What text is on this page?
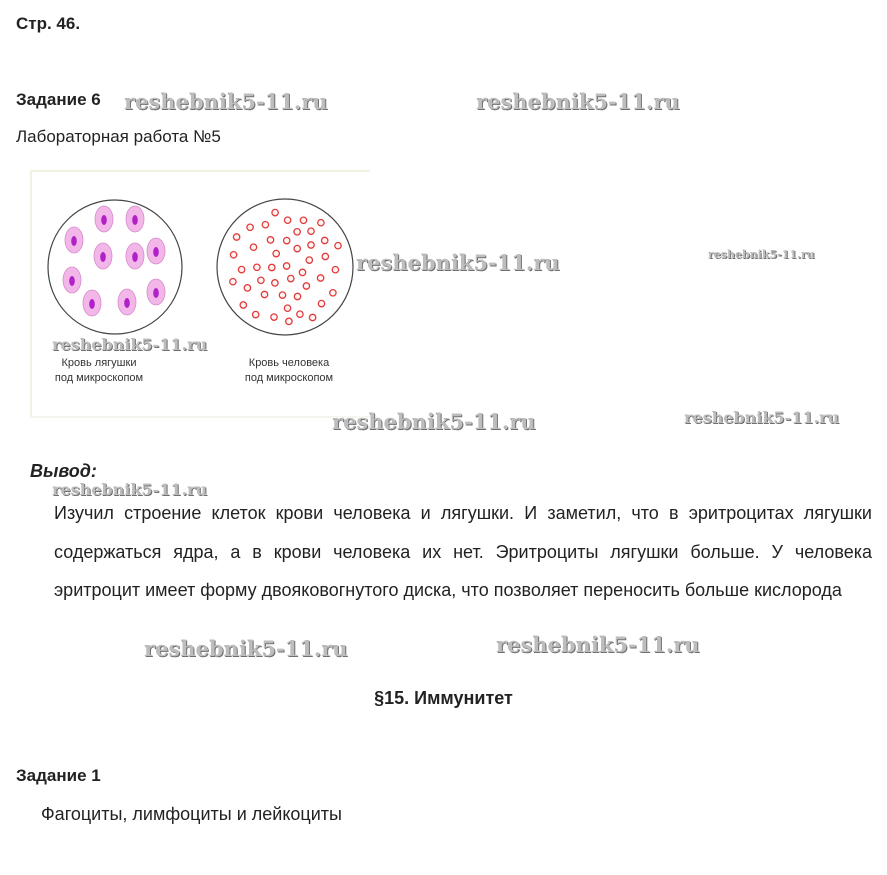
Стр. 46.
Задание 6
Лабораторная работа №5
Кровь лягушки
под микроскопом
Кровь человека
под микроскопом
Вывод:
Изучил строение клеток крови человека и лягушки. И заметил, что в эритроцитах лягушки содержаться ядра, а в крови человека их нет. Эритроциты лягушки больше. У человека эритроцит имеет форму двояковогнутого диска, что позволяет переносить больше кислорода
§15. Иммунитет
Задание 1
Фагоциты, лимфоциты и лейкоциты
reshebnik5-11.ru	reshebnik5-11.ru
reshebnik5-11.ru	reshebnik5-11.ru
reshebnik5-11.ru
reshebnik5-11.ru	reshebnik5-11.ru
reshebnik5-11.ru
reshebnik5-11.ru	reshebnik5-11.ru
